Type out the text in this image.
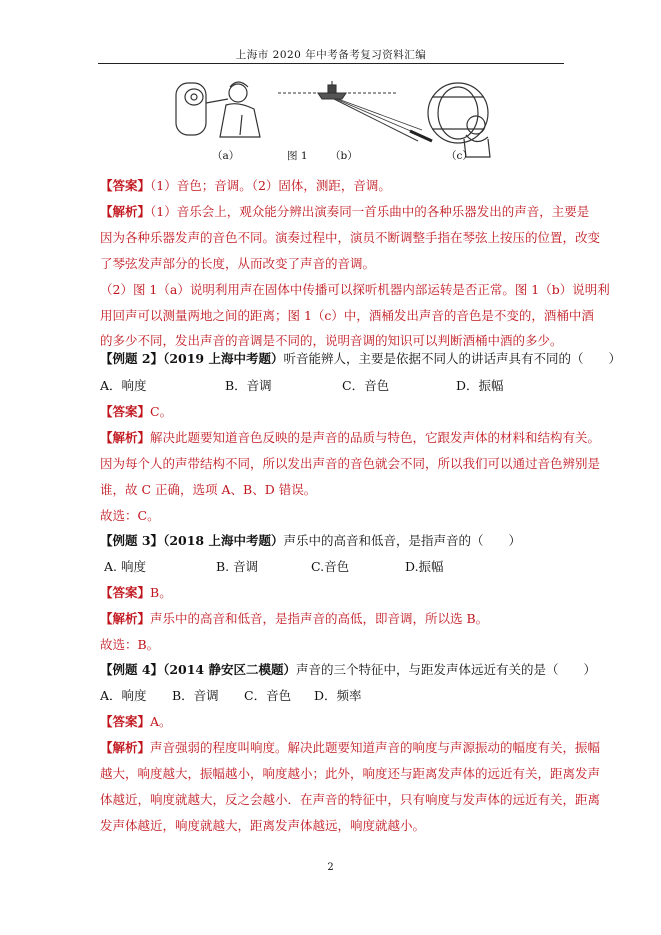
上海市 2020 年中考备考复习资料汇编
（a）	图 1 （b）	（c）
【答案】（1）音色；音调。（2）固体，测距，音调。
【解析】（1）音乐会上，观众能分辨出演奏同一首乐曲中的各种乐器发出的声音，主要是
因为各种乐器发声的音色不同。演奏过程中，演员不断调整手指在琴弦上按压的位置，改变
了琴弦发声部分的长度，从而改变了声音的音调。
（2）图 1（a）说明利用声在固体中传播可以探听机器内部运转是否正常。图 1（b）说明利
用回声可以测量两地之间的距离；图 1（c）中，酒桶发出声音的音色是不变的，酒桶中酒
的多少不同，发出声音的音调是不同的，说明音调的知识可以判断酒桶中酒的多少。
【例题 2】（2019 上海中考题）听音能辨人，主要是依据不同人的讲话声具有不同的（　　）
A．响度	B．音调	C．音色	D．振幅
【答案】C。
【解析】解决此题要知道音色反映的是声音的品质与特色，它跟发声体的材料和结构有关。
因为每个人的声带结构不同，所以发出声音的音色就会不同，所以我们可以通过音色辨别是
谁，故 C 正确，选项 A、B、D 错误。
故选：C。
【例题 3】（2018 上海中考题）声乐中的高音和低音，是指声音的（　　）
A. 响度	B. 音调	C.音色	D.振幅
【答案】B。
【解析】声乐中的高音和低音，是指声音的高低，即音调，所以选 B。
故选：B。
【例题 4】（2014 静安区二模题）声音的三个特征中，与距发声体远近有关的是（　　）
A．响度 B．音调 C．音色 D．频率
【答案】A。
【解析】声音强弱的程度叫响度。解决此题要知道声音的响度与声源振动的幅度有关，振幅
越大，响度越大，振幅越小，响度越小；此外，响度还与距离发声体的远近有关，距离发声
体越近，响度就越大，反之会越小．在声音的特征中，只有响度与发声体的远近有关，距离
发声体越近，响度就越大，距离发声体越远，响度就越小。
2
